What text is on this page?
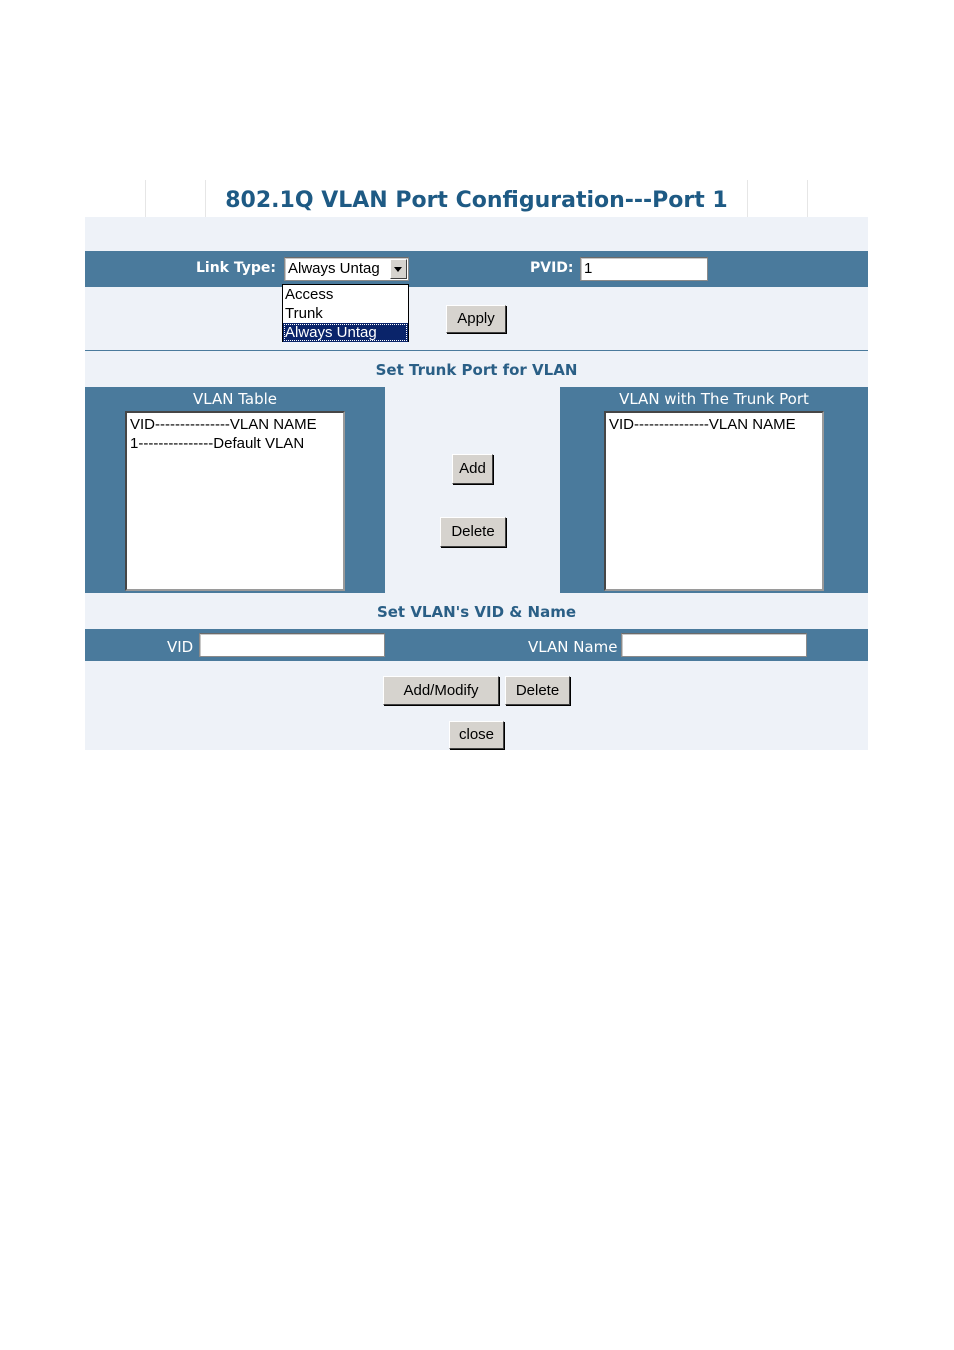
802.1Q VLAN Port Configuration---Port 1
Link Type: Always Untag	PVID: 1
Access
Trunk
Always Untag
Apply
Set Trunk Port for VLAN
VLAN Table
VID---------------VLAN NAME
1---------------Default VLAN
Add
Delete
VLAN with The Trunk Port
VID---------------VLAN NAME
Set VLAN's VID & Name
VID	VLAN Name
Add/Modify	Delete
close
